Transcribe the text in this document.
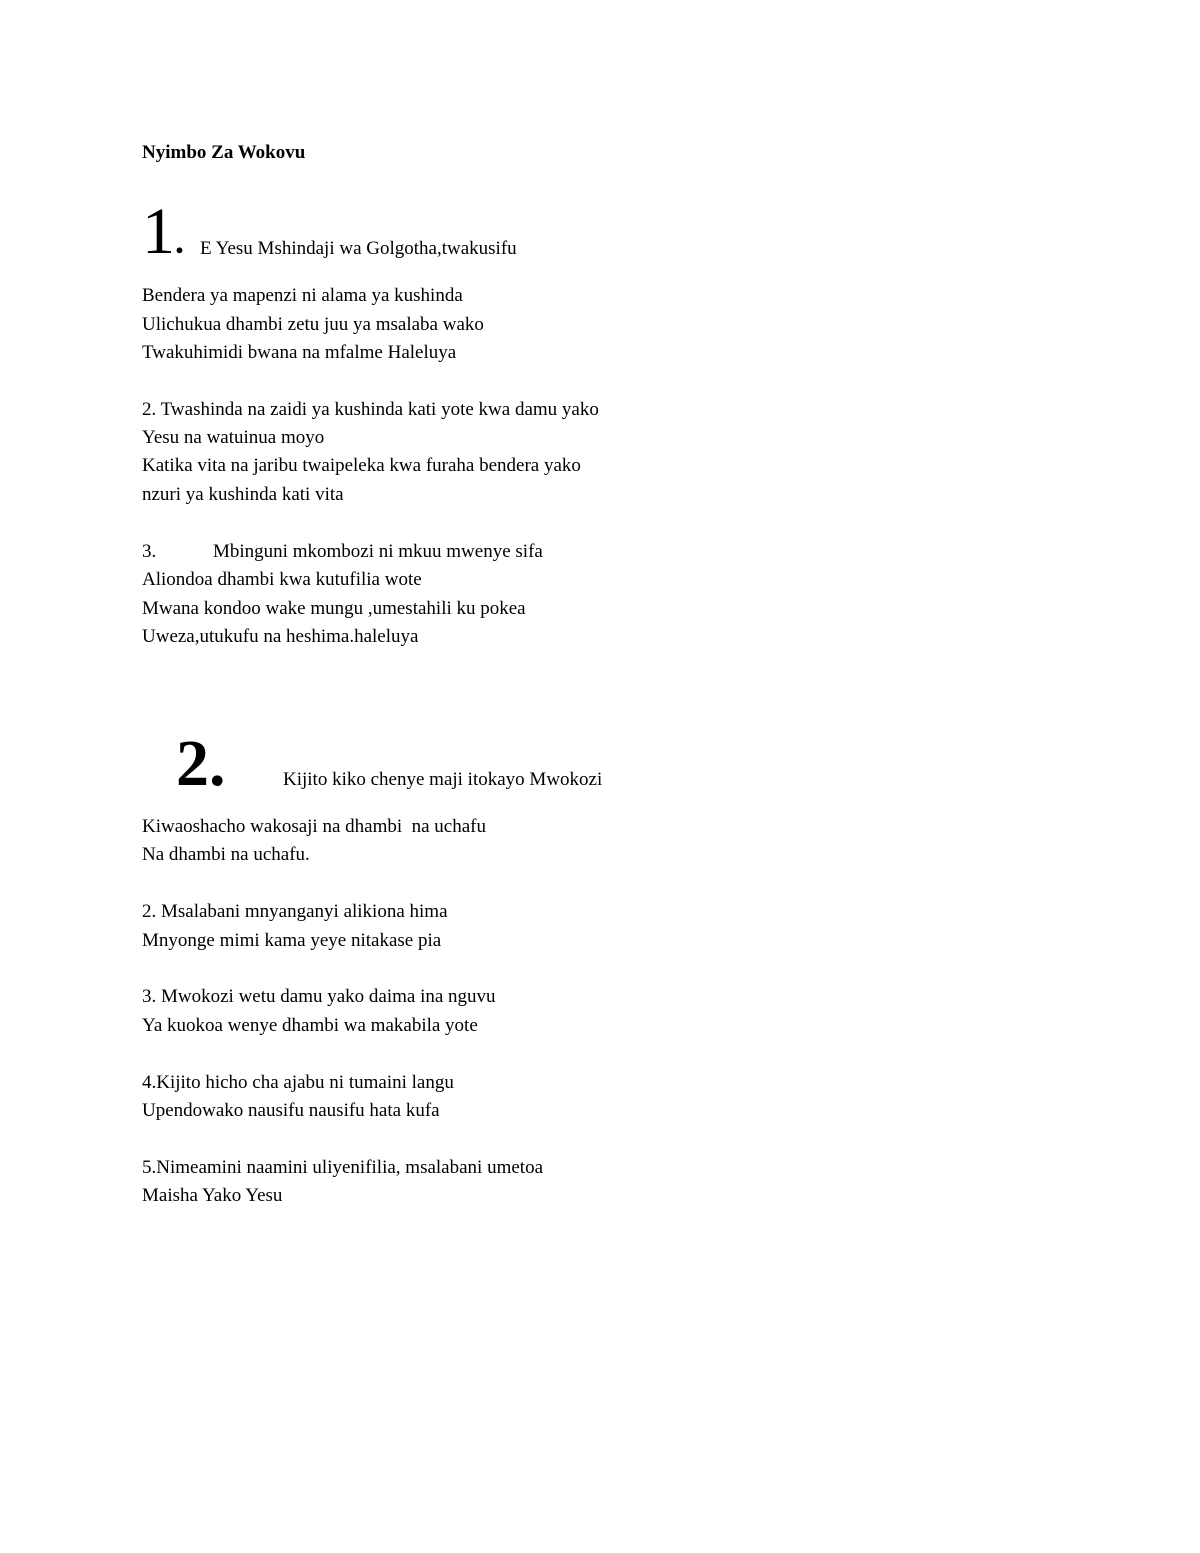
Nyimbo Za Wokovu
1. E Yesu Mshindaji wa Golgotha,twakusifu
Bendera ya mapenzi ni alama ya kushinda
Ulichukua dhambi zetu juu ya msalaba wako
Twakuhimidi bwana na mfalme Haleluya
2. Twashinda na zaidi ya kushinda kati yote kwa damu yako
Yesu na watuinua moyo
Katika vita na jaribu twaipeleka kwa furaha bendera yako
nzuri ya kushinda kati vita
3.	Mbinguni mkombozi ni mkuu mwenye sifa
Aliondoa dhambi kwa kutufilia wote
Mwana kondoo wake mungu ,umestahili ku pokea
Uweza,utukufu na heshima.haleluya
2.	Kijito kiko chenye maji itokayo Mwokozi
Kiwaoshacho wakosaji na dhambi  na uchafu
Na dhambi na uchafu.
2. Msalabani mnyanganyi alikiona hima
Mnyonge mimi kama yeye nitakase pia
3. Mwokozi wetu damu yako daima ina nguvu
Ya kuokoa wenye dhambi wa makabila yote
4.Kijito hicho cha ajabu ni tumaini langu
Upendowako nausifu nausifu hata kufa
5.Nimeamini naamini uliyenifilia, msalabani umetoa
Maisha Yako Yesu
